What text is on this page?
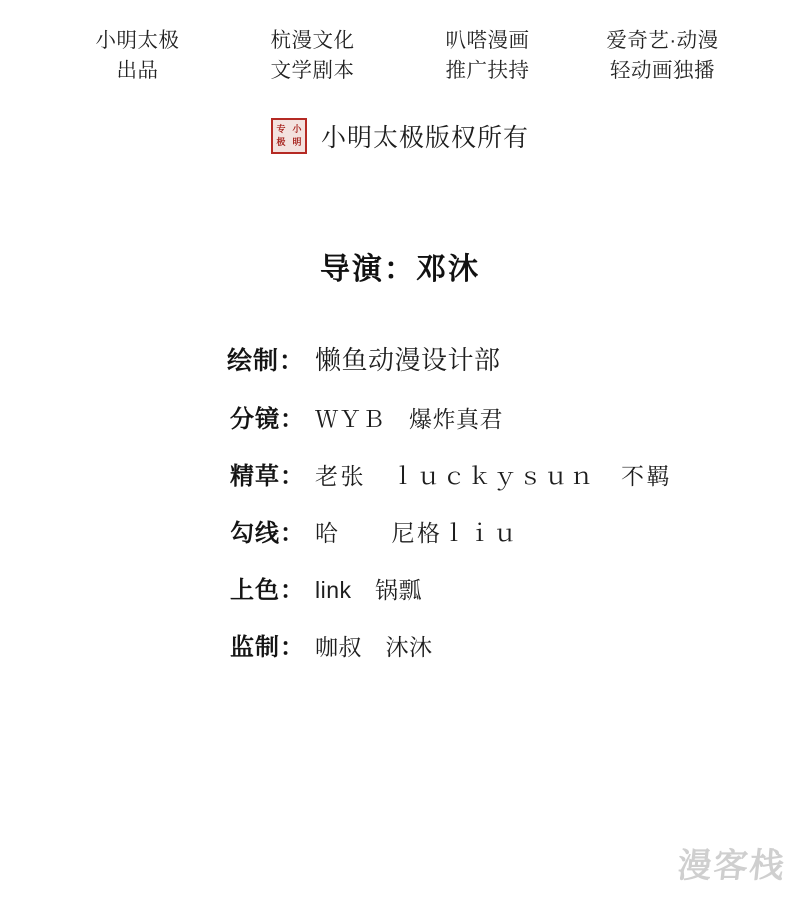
小明太极
出品
杭漫文化
文学剧本
叭嗒漫画
推广扶持
爱奇艺·动漫
轻动画独播
专 小
极 明 小明太极版权所有
导演：邓沐
绘制： 懒鱼动漫设计部
分镜： ＷＹＢ　爆炸真君
精草： 老张　ｌｕｃｋｙｓｕｎ　不羁
勾线： 哈　　尼格ｌｉｕ
上色： link　锅瓢
监制： 咖叔　沐沐
漫客栈
